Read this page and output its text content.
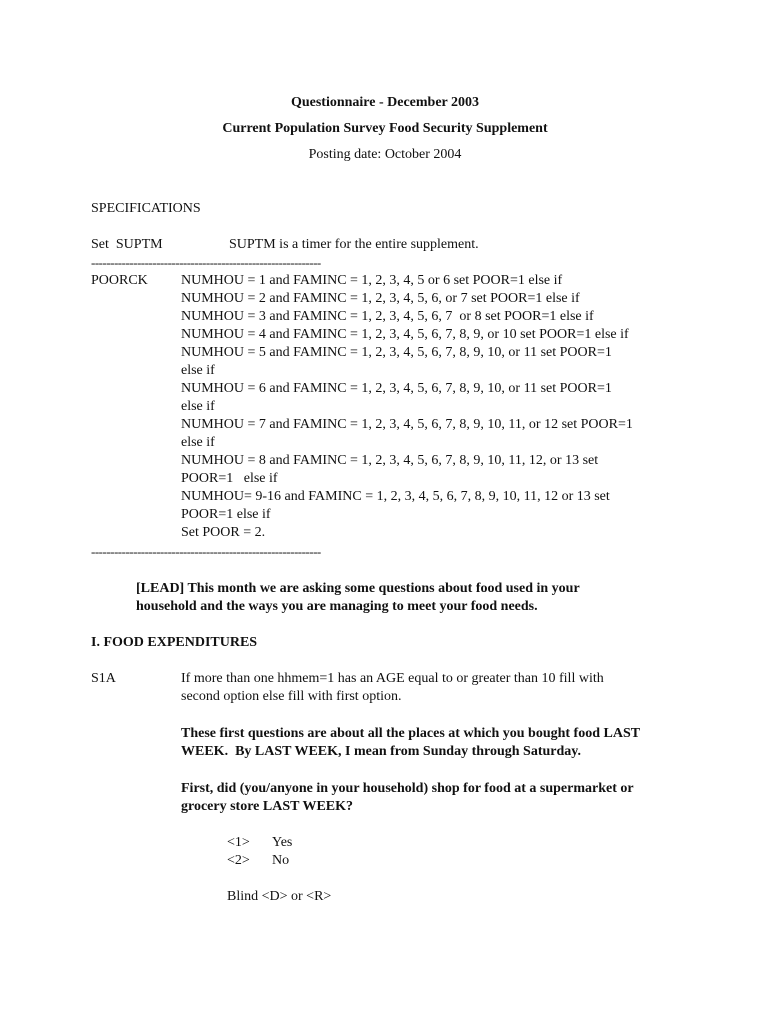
Questionnaire - December 2003
Current Population Survey Food Security Supplement
Posting date: October 2004
SPECIFICATIONS
Set  SUPTM	SUPTM is a timer for the entire supplement.
------------------------------------------------------------
POORCK NUMHOU = 1 and FAMINC = 1, 2, 3, 4, 5 or 6 set POOR=1 else if
NUMHOU = 2 and FAMINC = 1, 2, 3, 4, 5, 6, or 7 set POOR=1 else if
NUMHOU = 3 and FAMINC = 1, 2, 3, 4, 5, 6, 7  or 8 set POOR=1 else if
NUMHOU = 4 and FAMINC = 1, 2, 3, 4, 5, 6, 7, 8, 9, or 10 set POOR=1 else if
NUMHOU = 5 and FAMINC = 1, 2, 3, 4, 5, 6, 7, 8, 9, 10, or 11 set POOR=1
else if
NUMHOU = 6 and FAMINC = 1, 2, 3, 4, 5, 6, 7, 8, 9, 10, or 11 set POOR=1
else if
NUMHOU = 7 and FAMINC = 1, 2, 3, 4, 5, 6, 7, 8, 9, 10, 11, or 12 set POOR=1
else if
NUMHOU = 8 and FAMINC = 1, 2, 3, 4, 5, 6, 7, 8, 9, 10, 11, 12, or 13 set
POOR=1   else if
NUMHOU= 9-16 and FAMINC = 1, 2, 3, 4, 5, 6, 7, 8, 9, 10, 11, 12 or 13 set
POOR=1 else if
Set POOR = 2.
------------------------------------------------------------
[LEAD] This month we are asking some questions about food used in your
household and the ways you are managing to meet your food needs.
I. FOOD EXPENDITURES
S1A	If more than one hhmem=1 has an AGE equal to or greater than 10 fill with
second option else fill with first option.
These first questions are about all the places at which you bought food LAST
WEEK.  By LAST WEEK, I mean from Sunday through Saturday.
First, did (you/anyone in your household) shop for food at a supermarket or
grocery store LAST WEEK?
<1> Yes
<2> No
Blind <D> or <R>
